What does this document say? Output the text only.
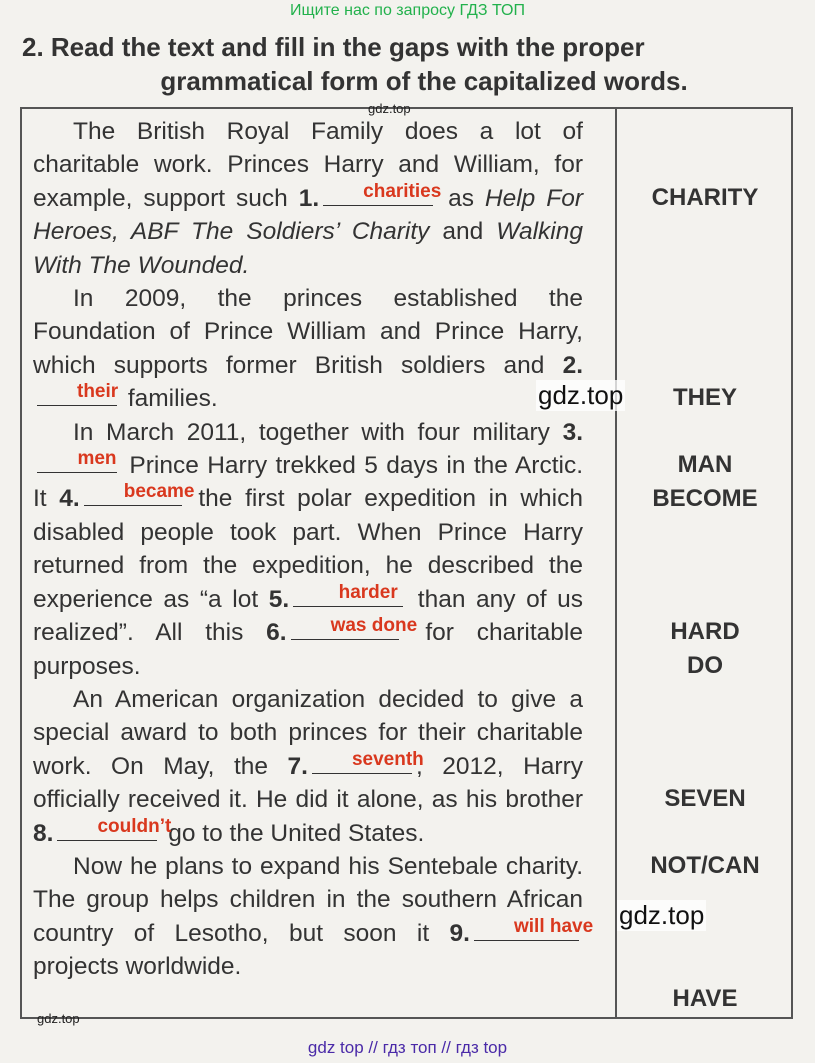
Ищите нас по запросу ГДЗ ТОП
2. Read the text and fill in the gaps with the proper
grammatical form of the capitalized words.
gdz.top

The British Royal Family does a lot of charitable work. Princes Harry and William, for example, support such 1.	charities as Help For Heroes, ABF The Soldiers’ Charity and Walking With The Wounded.

In 2009, the princes established the Foundation of Prince William and Prince Harry, which supports former British soldiers and 2.
their families.

In March 2011, together with four military 3.
men Prince Harry trekked 5 days in the Arctic. It 4.	became the first polar expedition in which disabled people took part. When Prince Harry returned from the expedition, he described the experience as “a lot 5.	harder than any of us realized”. All this 6.	was done for charitable purposes.

An American organization decided to give a special award to both princes for their charitable work. On May, the 7.	seventh
, 2012, Harry officially received it. He did it alone, as his brother 8.	couldn’t
go to the United States.

Now he plans to expand his Sentebale charity. The group helps children in the southern African country of Lesotho, but soon it 9.	will have
projects worldwide.

CHARITY
THEY
MAN
BECOME
HARD
DO
SEVEN
NOT/CAN
HAVE
gdz.top
gdz.top
gdz.top
gdz top // гдз топ // гдз top
